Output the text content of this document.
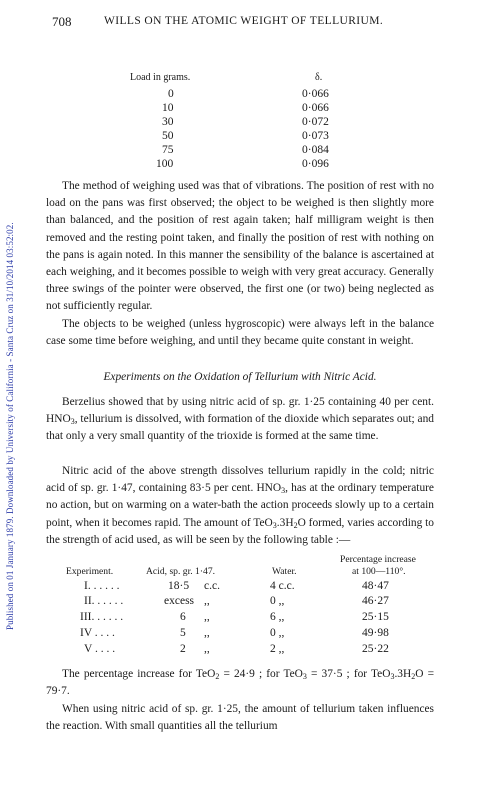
Published on 01 January 1879. Downloaded by University of California - Santa Cruz on 31/10/2014 03:52:02.
708	WILLS ON THE ATOMIC WEIGHT OF TELLURIUM.
Load in grams.	δ.
0	0·066
10	0·066
30	0·072
50	0·073
75	0·084
100	0·096

The method of weighing used was that of vibrations. The position of rest with no load on the pans was first observed; the object to be weighed is then slightly more than balanced, and the position of rest again taken; half milligram weight is then removed and the resting point taken, and finally the position of rest with nothing on the pans is again noted. In this manner the sensibility of the balance is ascertained at each weighing, and it becomes possible to weigh with very great accuracy. Generally three swings of the pointer were observed, the first one (or two) being neglected as not sufficiently regular.

The objects to be weighed (unless hygroscopic) were always left in the balance case some time before weighing, and until they became quite constant in weight.

Experiments on the Oxidation of Tellurium with Nitric Acid.

Berzelius showed that by using nitric acid of sp. gr. 1·25 containing 40 per cent. $HNO_3$, tellurium is dissolved, with formation of the dioxide which separates out; and that only a very small quantity of the trioxide is formed at the same time.

Nitric acid of the above strength dissolves tellurium rapidly in the cold; nitric acid of sp. gr. 1·47, containing 83·5 per cent. $HNO_3$, has at the ordinary temperature no action, but on warming on a water-bath the action proceeds slowly up to a certain point, when it becomes rapid. The amount of $TeO_3.3H_2O$ formed, varies according to the strength of acid used, as will be seen by the following table :—

Percentage increase
Experiment.	Acid, sp. gr. 1·47.	Water.	at 100—110°.
I. . . . . .	18·5 c.c.	4 c.c.	48·47
II. . . . . .	excess ,,	0 ,,	46·27
III. . . . . .	6 ,,	6 ,,	25·15
IV . . . .	5 ,,	0 ,,	49·98
V . . . .	2 ,,	2 ,,	25·22

The percentage increase for TeO$_2$ = 24·9 ; for TeO$_3$ = 37·5 ; for $TeO_3.3H_2O = 79\cdot 7$.

When using nitric acid of sp. gr. 1·25, the amount of tellurium taken influences the reaction. With small quantities all the tellurium
